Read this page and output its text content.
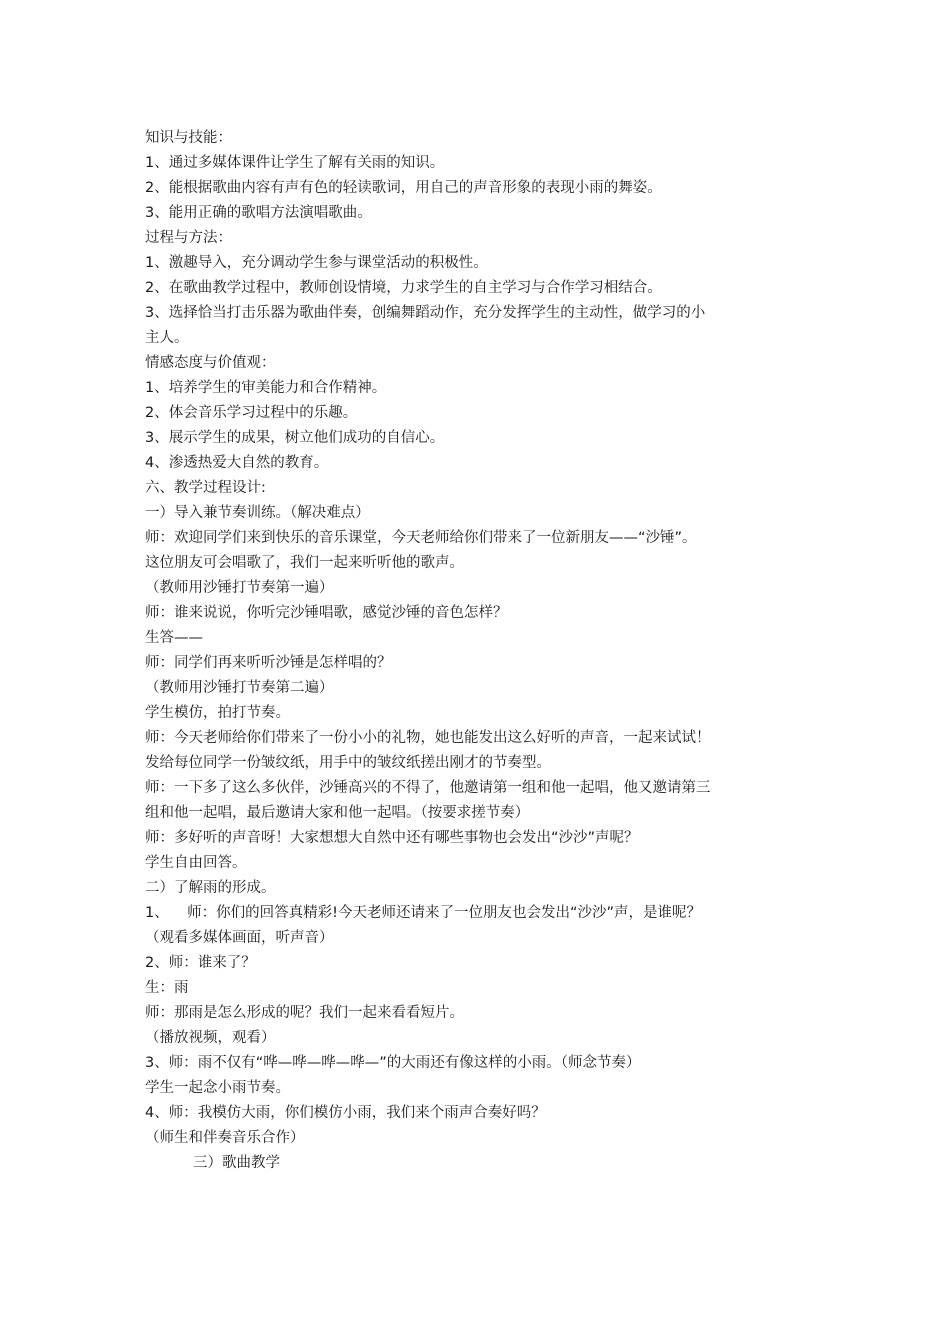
知识与技能：

1、通过多媒体课件让学生了解有关雨的知识。

2、能根据歌曲内容有声有色的轻读歌词，用自己的声音形象的表现小雨的舞姿。

3、能用正确的歌唱方法演唱歌曲。

过程与方法：

1、激趣导入，充分调动学生参与课堂活动的积极性。

2、在歌曲教学过程中，教师创设情境，力求学生的自主学习与合作学习相结合。

3、选择恰当打击乐器为歌曲伴奏，创编舞蹈动作，充分发挥学生的主动性，做学习的小

主人。

情感态度与价值观：

1、培养学生的审美能力和合作精神。

2、体会音乐学习过程中的乐趣。

3、展示学生的成果，树立他们成功的自信心。

4、渗透热爱大自然的教育。

六、教学过程设计:

一）导入兼节奏训练。（解决难点）

师：欢迎同学们来到快乐的音乐课堂，今天老师给你们带来了一位新朋友——“沙锤”。

这位朋友可会唱歌了，我们一起来听听他的歌声。

（教师用沙锤打节奏第一遍）

师：谁来说说，你听完沙锤唱歌，感觉沙锤的音色怎样？

生答——

师：同学们再来听听沙锤是怎样唱的？

（教师用沙锤打节奏第二遍）

学生模仿，拍打节奏。

师：今天老师给你们带来了一份小小的礼物，她也能发出这么好听的声音，一起来试试！

发给每位同学一份皱纹纸，用手中的皱纹纸搓出刚才的节奏型。

师：一下多了这么多伙伴，沙锤高兴的不得了，他邀请第一组和他一起唱，他又邀请第三

组和他一起唱，最后邀请大家和他一起唱。（按要求搓节奏）

师：多好听的声音呀！大家想想大自然中还有哪些事物也会发出“沙沙”声呢？

学生自由回答。

二）了解雨的形成。

1、    师：你们的回答真精彩!今天老师还请来了一位朋友也会发出“沙沙”声，是谁呢？

（观看多媒体画面，听声音）

2、师：谁来了？

生：雨

师：那雨是怎么形成的呢？我们一起来看看短片。

（播放视频，观看）

3、师：雨不仅有“哗—哗—哗—哗—”的大雨还有像这样的小雨。（师念节奏）

学生一起念小雨节奏。

4、师：我模仿大雨，你们模仿小雨，我们来个雨声合奏好吗？

（师生和伴奏音乐合作）

三）歌曲教学
